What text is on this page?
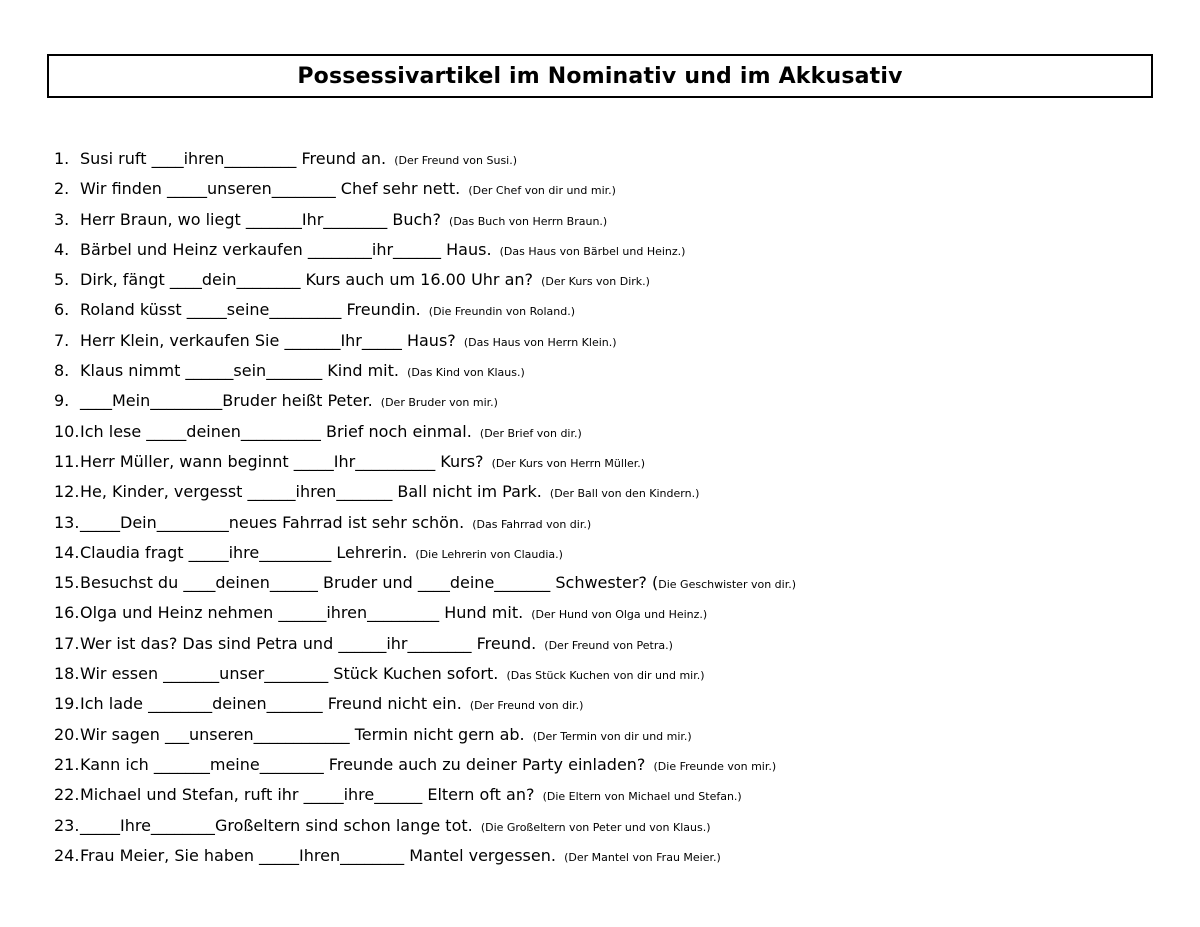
Possessivartikel im Nominativ und im Akkusativ
1. Susi ruft ____ihren_________ Freund an. (Der Freund von Susi.)
2. Wir finden _____unseren________ Chef sehr nett. (Der Chef von dir und mir.)
3. Herr Braun, wo liegt _______Ihr________ Buch? (Das Buch von Herrn Braun.)
4. Bärbel und Heinz verkaufen ________ihr______ Haus. (Das Haus von Bärbel und Heinz.)
5. Dirk, fängt ____dein________ Kurs auch um 16.00 Uhr an? (Der Kurs von Dirk.)
6. Roland küsst _____seine_________ Freundin. (Die Freundin von Roland.)
7. Herr Klein, verkaufen Sie _______Ihr_____ Haus? (Das Haus von Herrn Klein.)
8. Klaus nimmt ______sein_______ Kind mit. (Das Kind von Klaus.)
9. ____Mein_________Bruder heißt Peter. (Der Bruder von mir.)
10.Ich lese _____deinen__________ Brief noch einmal. (Der Brief von dir.)
11.Herr Müller, wann beginnt _____Ihr__________ Kurs? (Der Kurs von Herrn Müller.)
12.He, Kinder, vergesst ______ihren_______ Ball nicht im Park. (Der Ball von den Kindern.)
13._____Dein_________neues Fahrrad ist sehr schön. (Das Fahrrad von dir.)
14.Claudia fragt _____ihre_________ Lehrerin. (Die Lehrerin von Claudia.)
15.Besuchst du ____deinen______ Bruder und ____deine_______ Schwester? (Die Geschwister von dir.)
16.Olga und Heinz nehmen ______ihren_________ Hund mit. (Der Hund von Olga und Heinz.)
17.Wer ist das? Das sind Petra und ______ihr________ Freund. (Der Freund von Petra.)
18.Wir essen _______unser________ Stück Kuchen sofort. (Das Stück Kuchen von dir und mir.)
19.Ich lade ________deinen_______ Freund nicht ein. (Der Freund von dir.)
20.Wir sagen ___unseren____________ Termin nicht gern ab. (Der Termin von dir und mir.)
21.Kann ich _______meine________ Freunde auch zu deiner Party einladen? (Die Freunde von mir.)
22.Michael und Stefan, ruft ihr _____ihre______ Eltern oft an? (Die Eltern von Michael und Stefan.)
23._____Ihre________Großeltern sind schon lange tot. (Die Großeltern von Peter und von Klaus.)
24.Frau Meier, Sie haben _____Ihren________ Mantel vergessen. (Der Mantel von Frau Meier.)
